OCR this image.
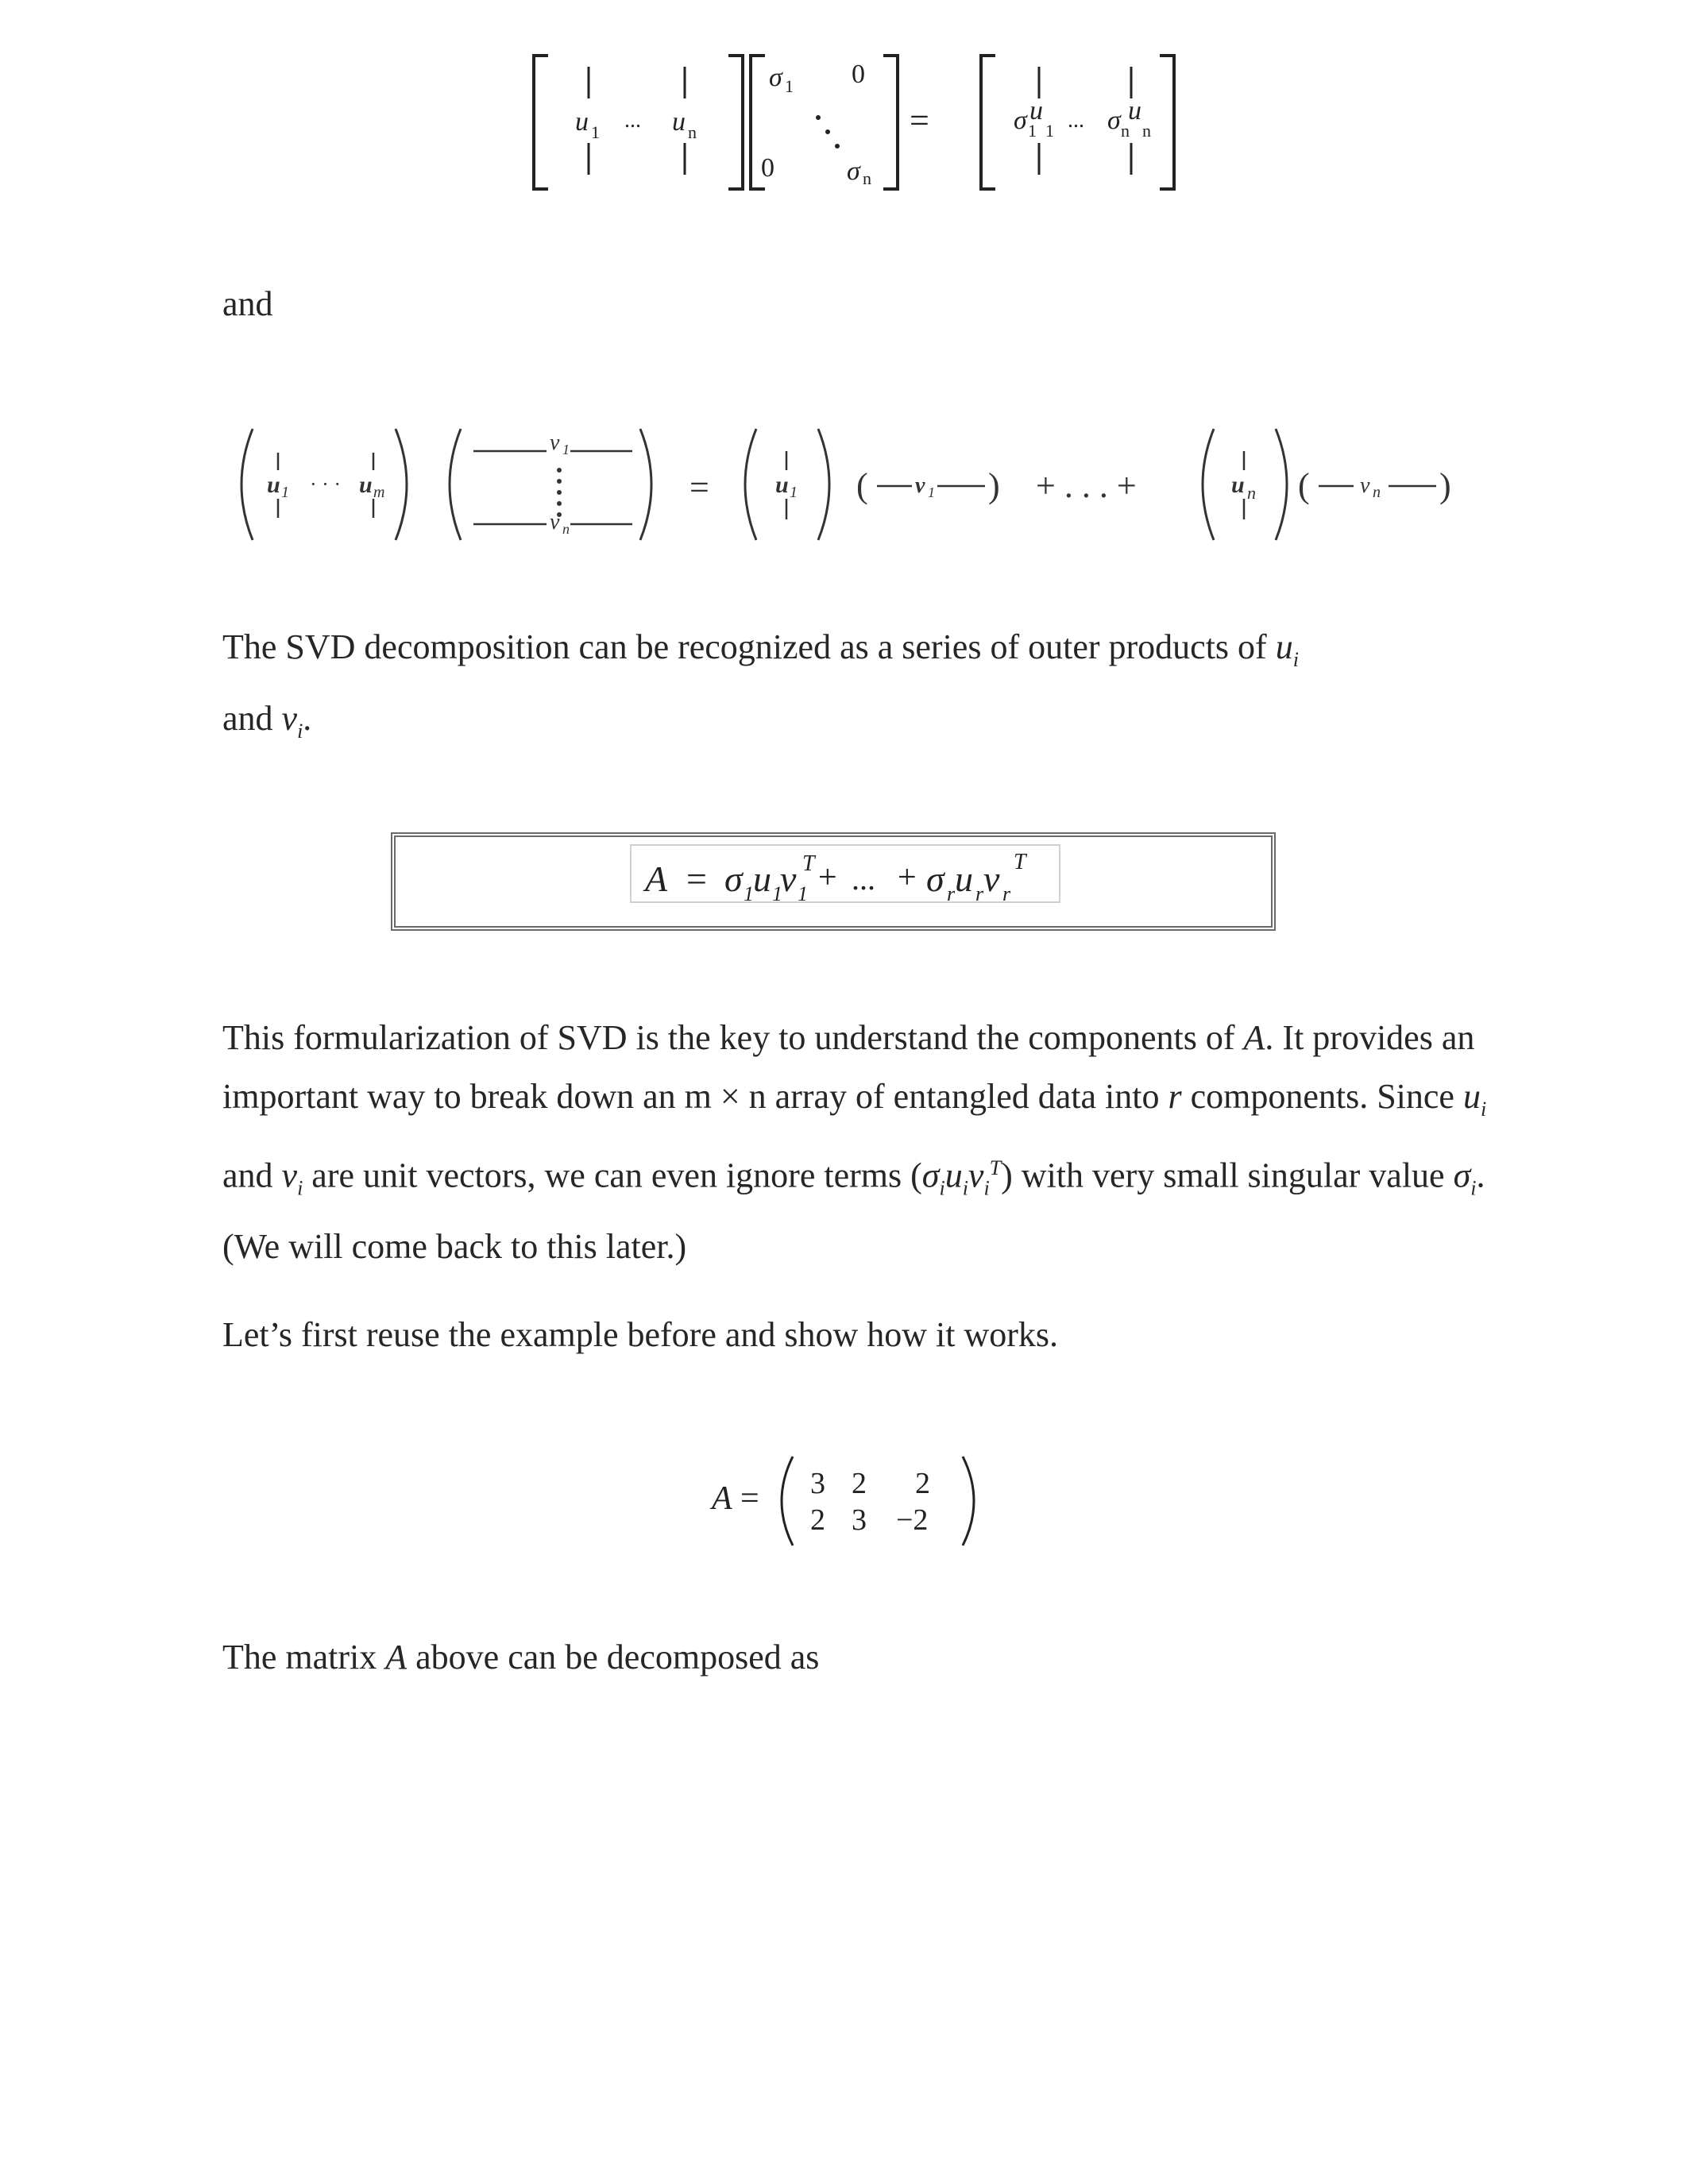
u 1 ... u n
σ 1 0
0	σ n
=	σ u
1 1 ... σ u
n n
and
u 1 · · · u m
v 1
v n
=	u 1 ( v 1 ) + . . . +	u n ( v n )
The SVD decomposition can be recognized as a series of outer products of $u_i$
and $v_i$.
A = σ 1 u 1
v 1
T + ... + σ r u r v r
T
This formularization of SVD is the key to understand the components of A. It provides an important way to break down an m × n array of entangled data into r components. Since $u_i$ and $v_i$ are unit vectors, we can even ignore terms $(\sigma_iu_iv_i^T)$ with very small singular value $\sigma_i$. (We will come back to this later.)
Let’s first reuse the example before and show how it works.
A = 3 2 2
2 3 −2
The matrix A above can be decomposed as
